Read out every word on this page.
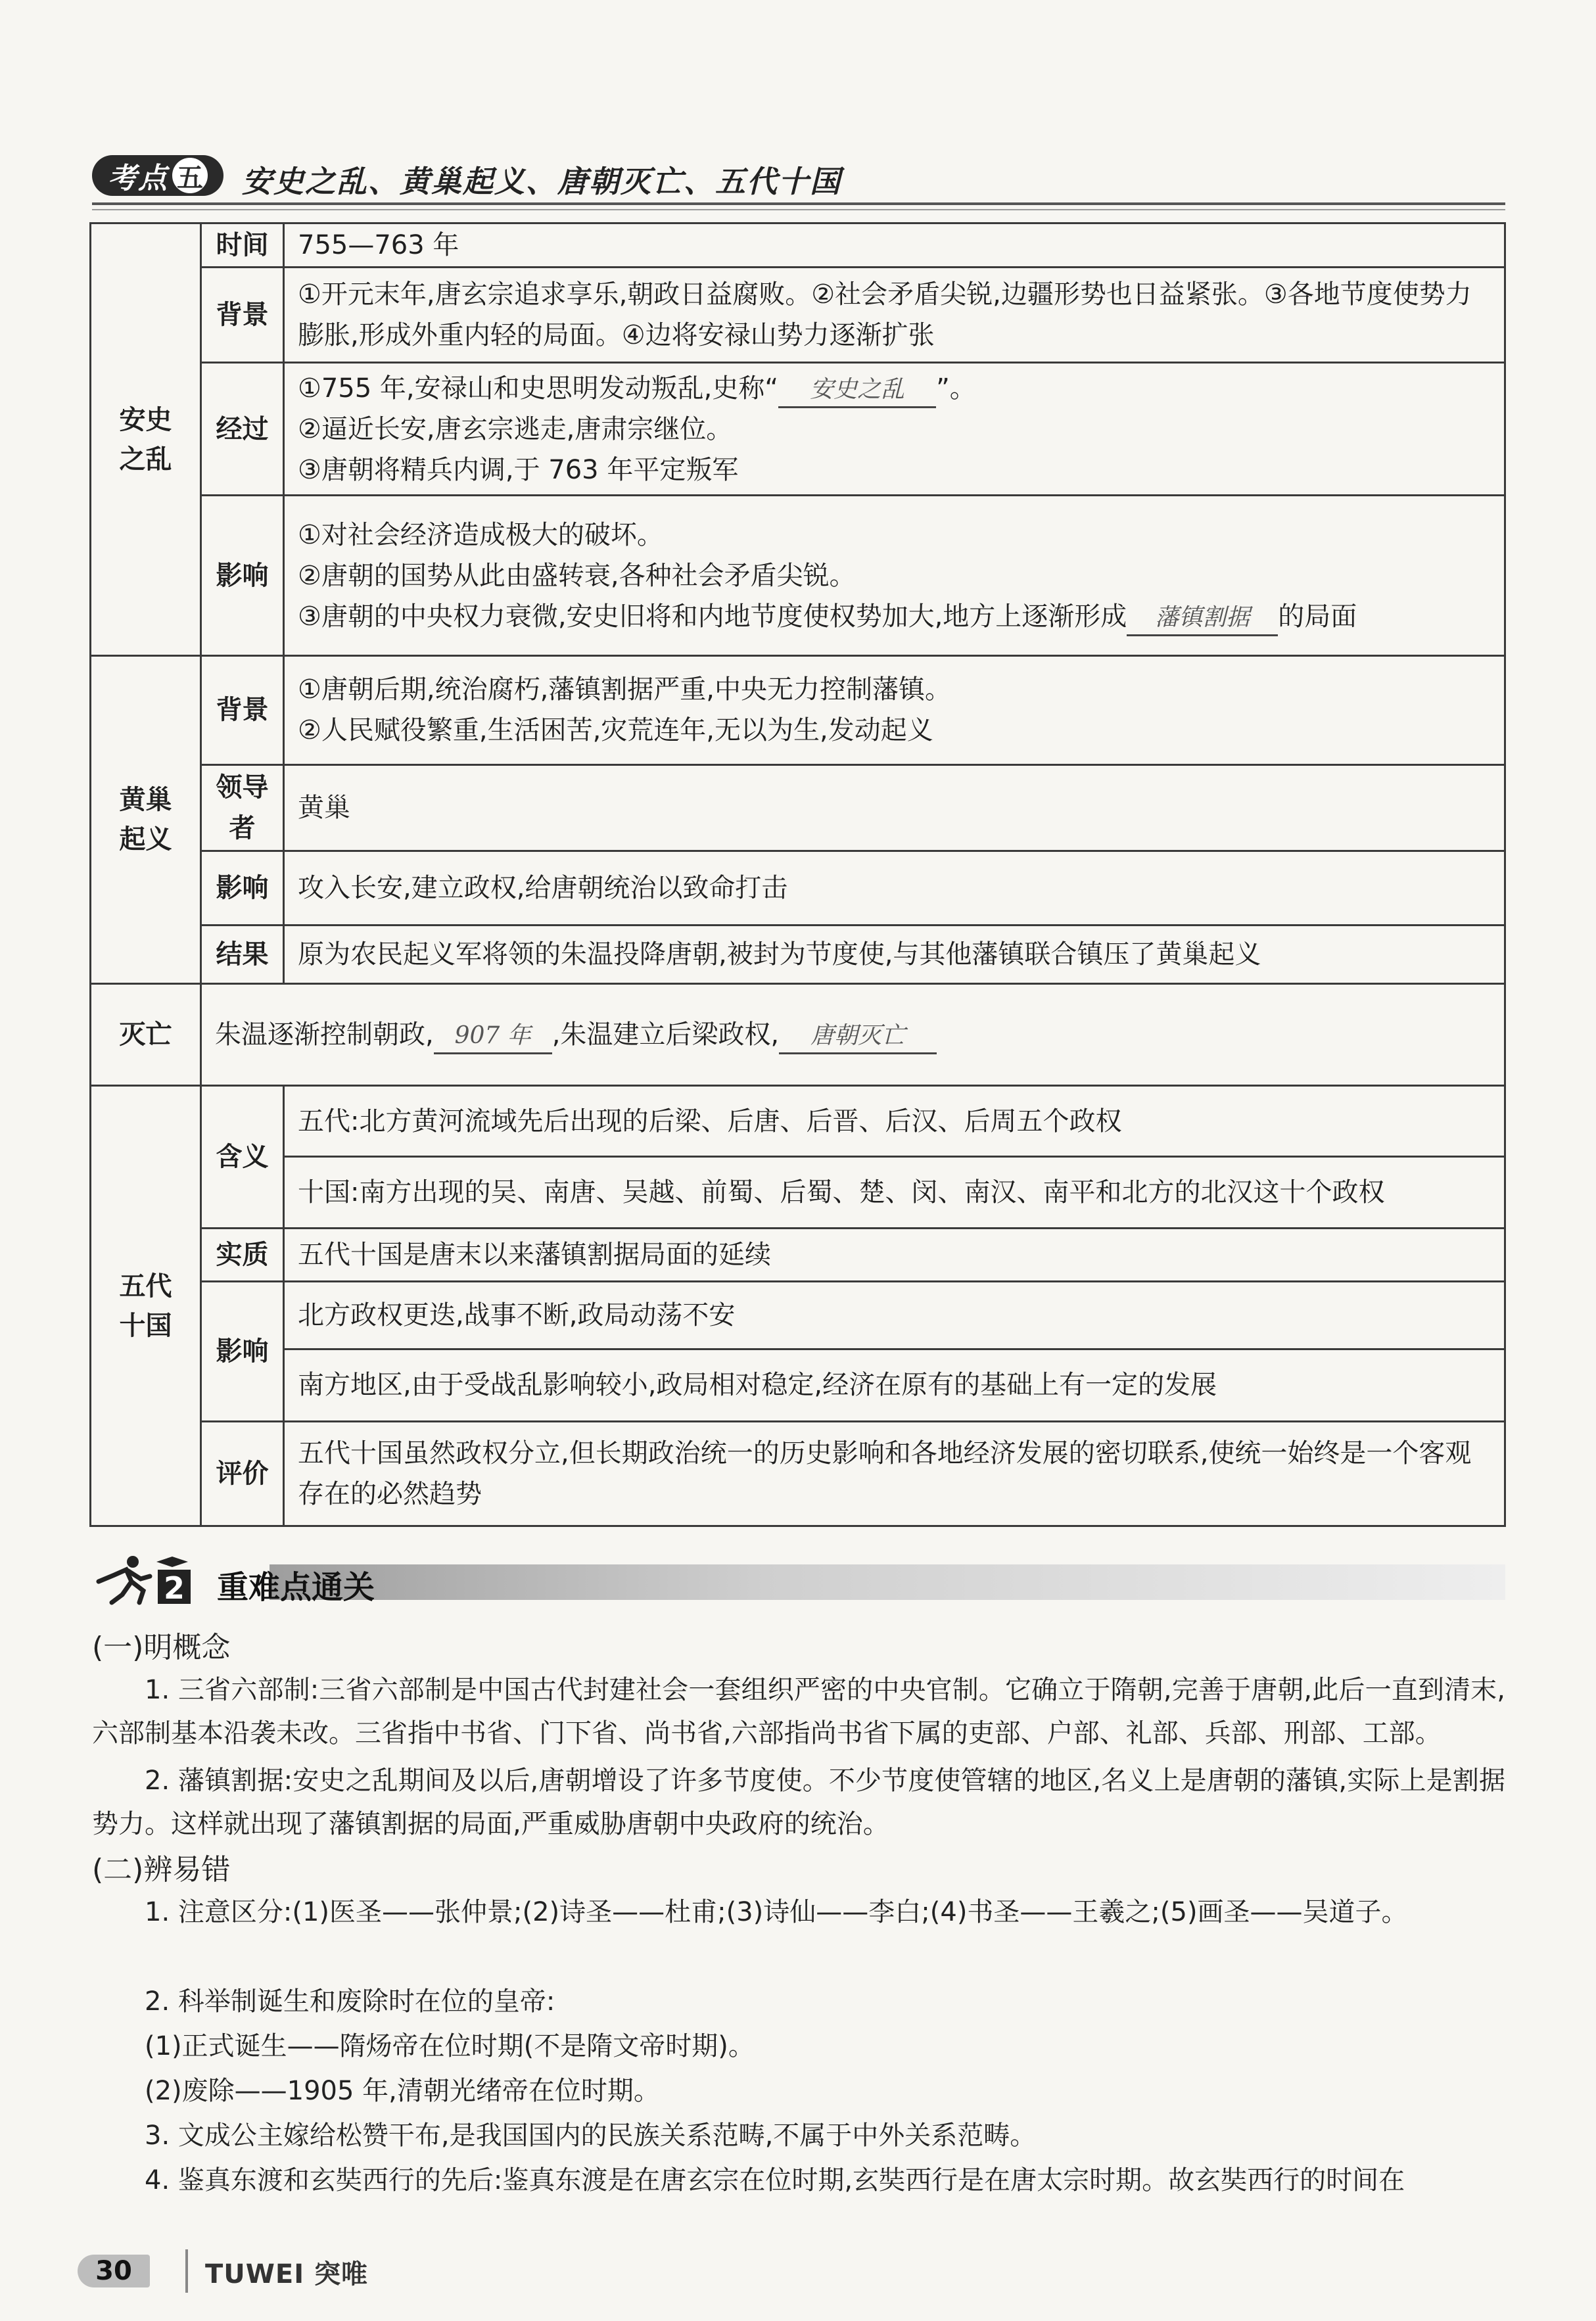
考点 五 安史之乱、黄巢起义、唐朝灭亡、五代十国
安史之乱	时间	755—763 年
	背景	①开元末年,唐玄宗追求享乐,朝政日益腐败。②社会矛盾尖锐,边疆形势也日益紧张。③各地节度使势力膨胀,形成外重内轻的局面。④边将安禄山势力逐渐扩张
	经过	①755 年,安禄山和史思明发动叛乱,史称“ 安史之乱 ”。
②逼近长安,唐玄宗逃走,唐肃宗继位。
③唐朝将精兵内调,于 763 年平定叛军

	影响	①对社会经济造成极大的破坏。
②唐朝的国势从此由盛转衰,各种社会矛盾尖锐。
③唐朝的中央权力衰微,安史旧将和内地节度使权势加大,地方上逐渐形成 藩镇割据 的局面

黄巢起义	背景	①唐朝后期,统治腐朽,藩镇割据严重,中央无力控制藩镇。
②人民赋役繁重,生活困苦,灾荒连年,无以为生,发动起义

	领导者	黄巢
	影响	攻入长安,建立政权,给唐朝统治以致命打击
	结果	原为农民起义军将领的朱温投降唐朝,被封为节度使,与其他藩镇联合镇压了黄巢起义
灭亡	朱温逐渐控制朝政, 907 年 ,朱温建立后梁政权, 唐朝灭亡	
五代十国	含义	五代:北方黄河流域先后出现的后梁、后唐、后晋、后汉、后周五个政权
		十国:南方出现的吴、南唐、吴越、前蜀、后蜀、楚、闵、南汉、南平和北方的北汉这十个政权
	实质	五代十国是唐末以来藩镇割据局面的延续
	影响	北方政权更迭,战事不断,政局动荡不安
		南方地区,由于受战乱影响较小,政局相对稳定,经济在原有的基础上有一定的发展
	评价	五代十国虽然政权分立,但长期政治统一的历史影响和各地经济发展的密切联系,使统一始终是一个客观存在的必然趋势
2 重难点通关
(一)明概念
1. 三省六部制:三省六部制是中国古代封建社会一套组织严密的中央官制。它确立于隋朝,完善于唐朝,此后一直到清末,六部制基本沿袭未改。三省指中书省、门下省、尚书省,六部指尚书省下属的吏部、户部、礼部、兵部、刑部、工部。
2. 藩镇割据:安史之乱期间及以后,唐朝增设了许多节度使。不少节度使管辖的地区,名义上是唐朝的藩镇,实际上是割据势力。这样就出现了藩镇割据的局面,严重威胁唐朝中央政府的统治。
(二)辨易错
1. 注意区分:(1)医圣——张仲景;(2)诗圣——杜甫;(3)诗仙——李白;(4)书圣——王羲之;(5)画圣——吴道子。
2. 科举制诞生和废除时在位的皇帝:
(1)正式诞生——隋炀帝在位时期(不是隋文帝时期)。
(2)废除——1905 年,清朝光绪帝在位时期。
3. 文成公主嫁给松赞干布,是我国国内的民族关系范畴,不属于中外关系范畴。
4. 鉴真东渡和玄奘西行的先后:鉴真东渡是在唐玄宗在位时期,玄奘西行是在唐太宗时期。故玄奘西行的时间在
30	TUWEI 突唯
